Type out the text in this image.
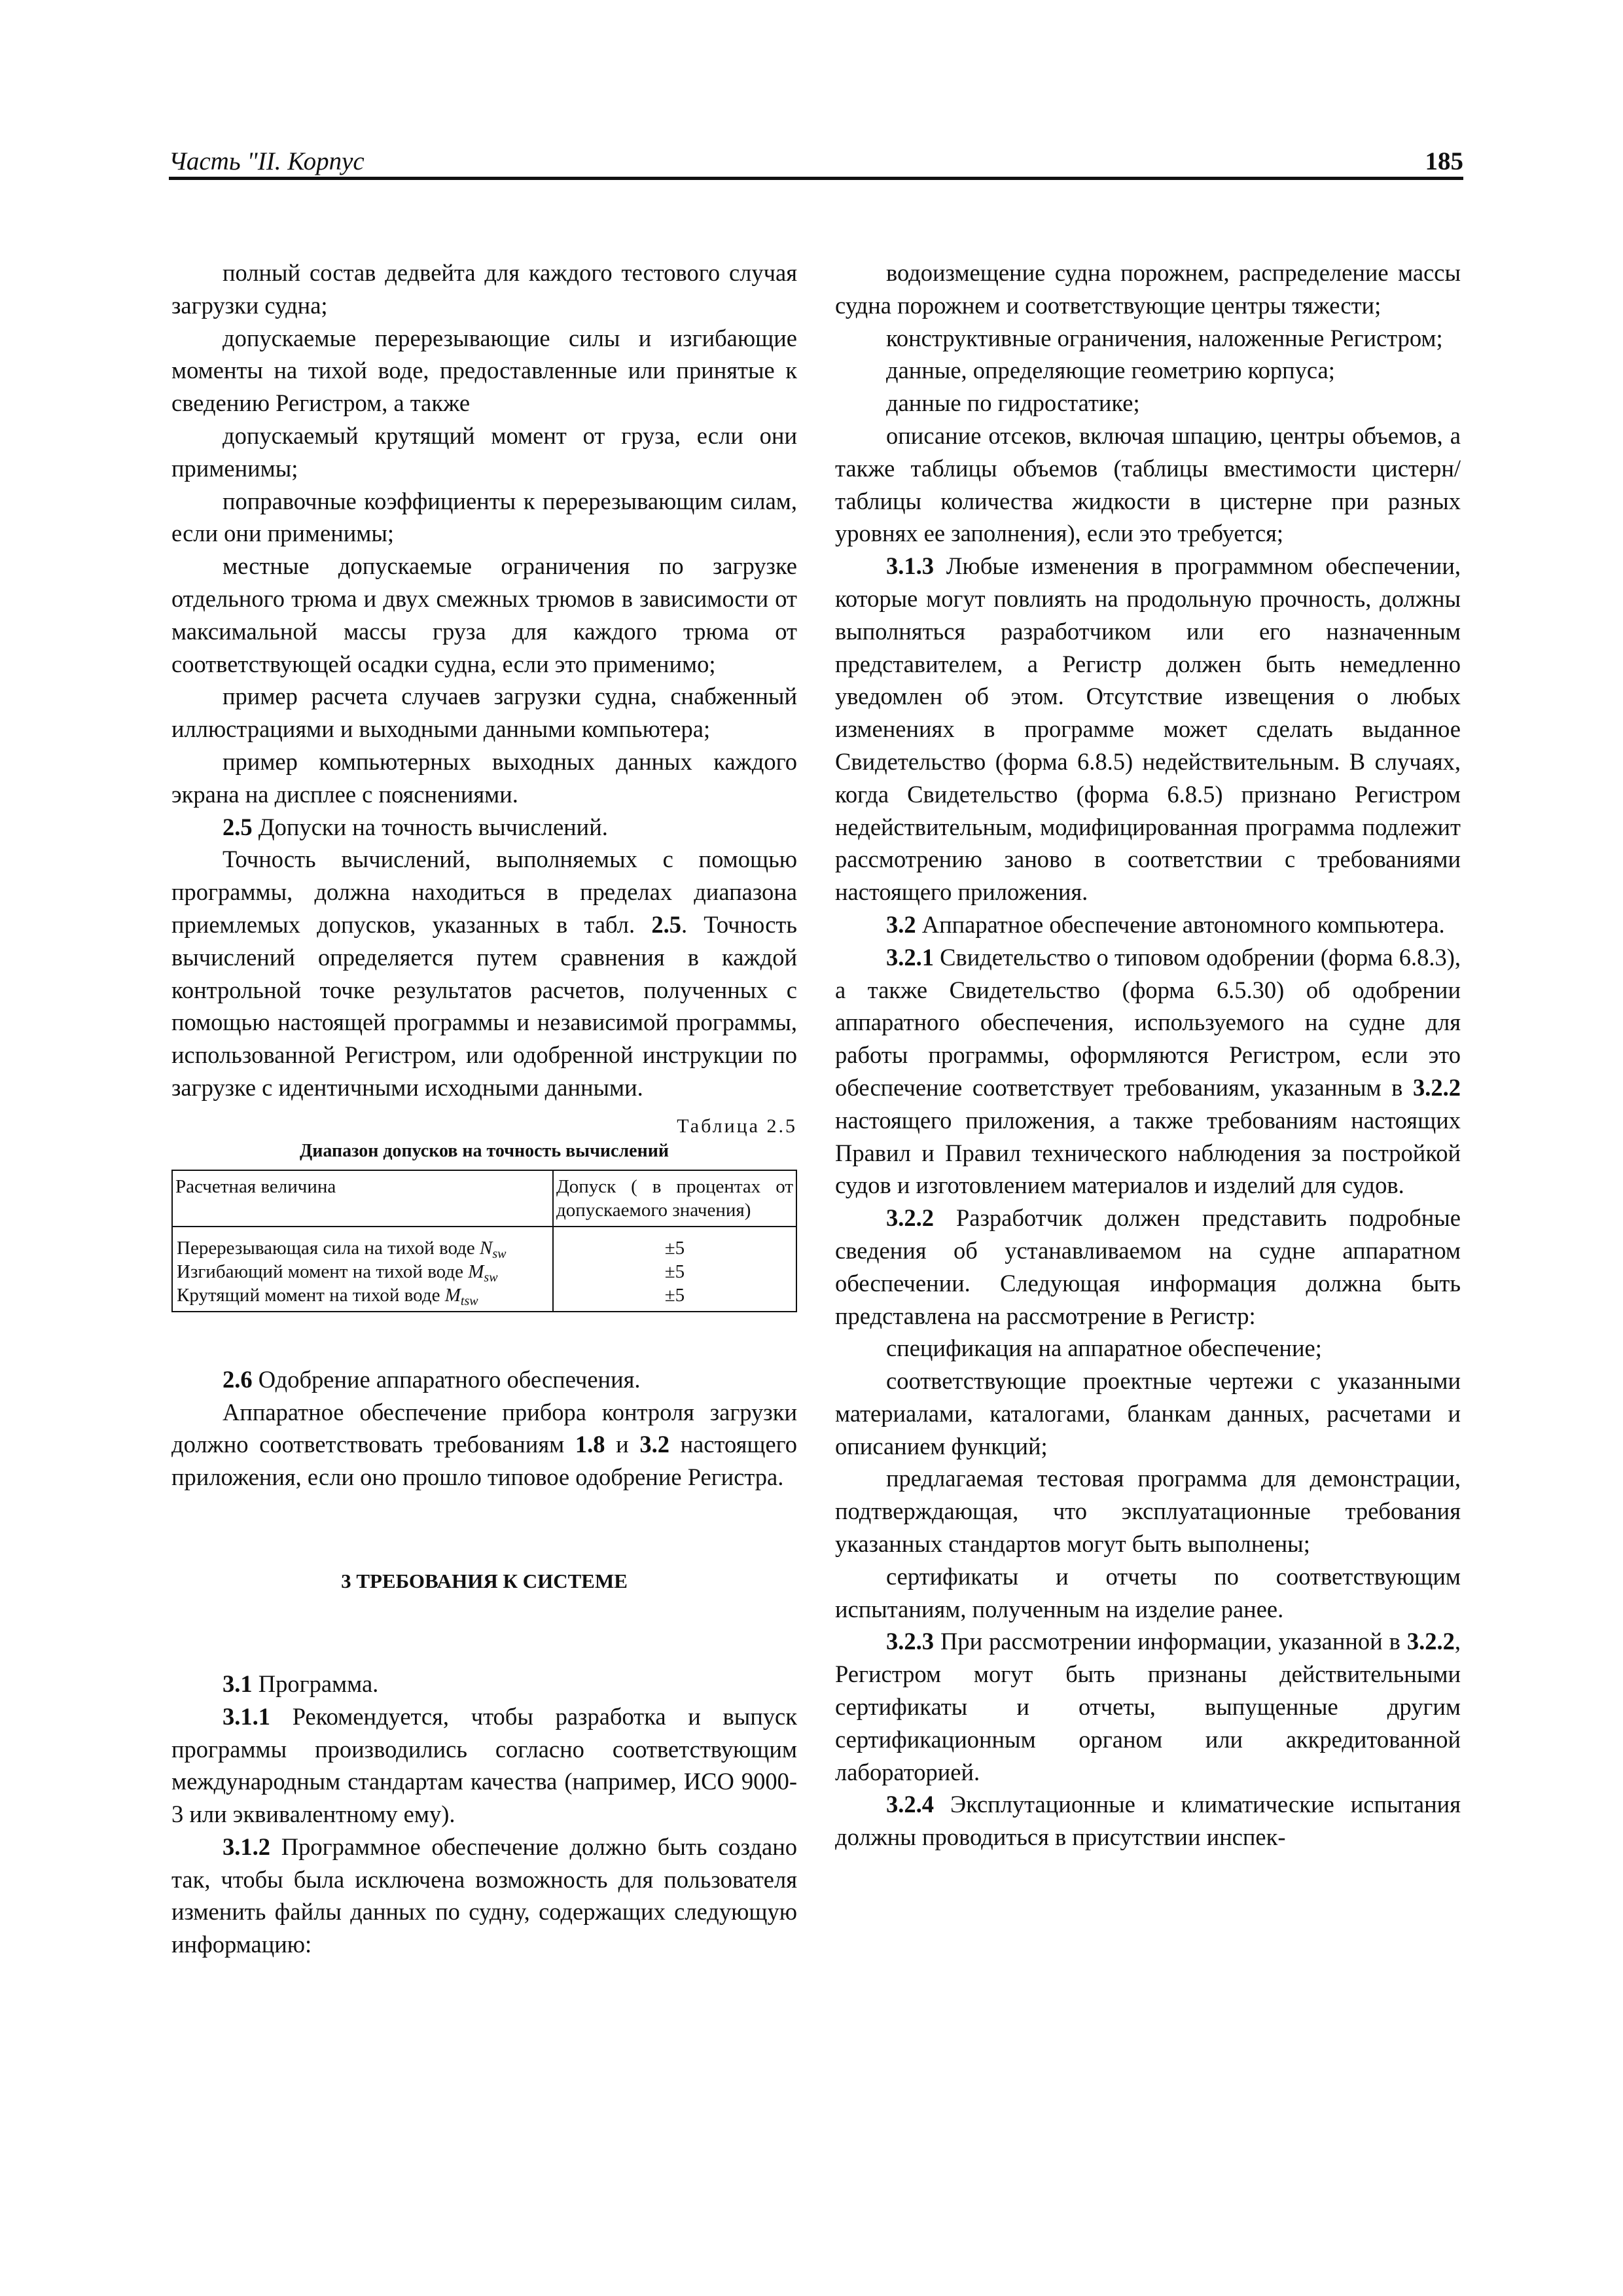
Часть "II. Корпус	185

полный состав дедвейта для каждого тестового случая загрузки судна;

допускаемые перерезывающие силы и изгибающие моменты на тихой воде, предоставленные или принятые к сведению Регистром, а также

допускаемый крутящий момент от груза, если они применимы;

поправочные коэффициенты к перерезывающим силам, если они применимы;

местные допускаемые ограничения по загрузке отдельного трюма и двух смежных трюмов в зависимости от максимальной массы груза для каждого трюма от соответствующей осадки судна, если это применимо;

пример расчета случаев загрузки судна, снабженный иллюстрациями и выходными данными компьютера;

пример компьютерных выходных данных каждого экрана на дисплее с пояснениями.

2.5 Допуски на точность вычислений.

Точность вычислений, выполняемых с помощью программы, должна находиться в пределах диапазона приемлемых допусков, указанных в табл. 2.5. Точность вычислений определяется путем сравнения в каждой контрольной точке результатов расчетов, полученных с помощью настоящей программы и независимой программы, использованной Регистром, или одобренной инструкции по загрузке с идентичными исходными данными.

Таблица 2.5
Диапазон допусков на точность вычислений
Расчетная величина	Допуск ( в процентах от допускаемого значения)
Перерезывающая сила на тихой воде $N_{sw}$	±5
Изгибающий момент на тихой воде $M_{sw}$	±5
Крутящий момент на тихой воде $M_{tsw}$	±5

2.6 Одобрение аппаратного обеспечения.

Аппаратное обеспечение прибора контроля загрузки должно соответствовать требованиям 1.8 и 3.2 настоящего приложения, если оно прошло типовое одобрение Регистра.

3 ТРЕБОВАНИЯ К СИСТЕМЕ

3.1 Программа.

3.1.1 Рекомендуется, чтобы разработка и выпуск программы производились согласно соответствующим международным стандартам качества (например, ИСО 9000-3 или эквивалентному ему).

3.1.2 Программное обеспечение должно быть создано так, чтобы была исключена возможность для пользователя изменить файлы данных по судну, содержащих следующую информацию:

водоизмещение судна порожнем, распределение массы судна порожнем и соответствующие центры тяжести;

конструктивные ограничения, наложенные Регистром;

данные, определяющие геометрию корпуса;

данные по гидростатике;

описание отсеков, включая шпацию, центры объемов, а также таблицы объемов (таблицы вместимости цистерн/таблицы количества жидкости в цистерне при разных уровнях ее заполнения), если это требуется;

3.1.3 Любые изменения в программном обеспечении, которые могут повлиять на продольную прочность, должны выполняться разработчиком или его назначенным представителем, а Регистр должен быть немедленно уведомлен об этом. Отсутствие извещения о любых изменениях в программе может сделать выданное Свидетельство (форма 6.8.5) недействительным. В случаях, когда Свидетельство (форма 6.8.5) признано Регистром недействительным, модифицированная программа подлежит рассмотрению заново в соответствии с требованиями настоящего приложения.

3.2 Аппаратное обеспечение автономного компьютера.

3.2.1 Свидетельство о типовом одобрении (форма 6.8.3), а также Свидетельство (форма 6.5.30) об одобрении аппаратного обеспечения, используемого на судне для работы программы, оформляются Регистром, если это обеспечение соответствует требованиям, указанным в 3.2.2 настоящего приложения, а также требованиям настоящих Правил и Правил технического наблюдения за постройкой судов и изготовлением материалов и изделий для судов.

3.2.2 Разработчик должен представить подробные сведения об устанавливаемом на судне аппаратном обеспечении. Следующая информация должна быть представлена на рассмотрение в Регистр:

спецификация на аппаратное обеспечение;

соответствующие проектные чертежи с указанными материалами, каталогами, бланкам данных, расчетами и описанием функций;

предлагаемая тестовая программа для демонстрации, подтверждающая, что эксплуатационные требования указанных стандартов могут быть выполнены;

сертификаты и отчеты по соответствующим испытаниям, полученным на изделие ранее.

3.2.3 При рассмотрении информации, указанной в 3.2.2, Регистром могут быть признаны действительными сертификаты и отчеты, выпущенные другим сертификационным органом или аккредитованной лабораторией.

3.2.4 Эксплутационные и климатические испытания должны проводиться в присутствии инспек-
